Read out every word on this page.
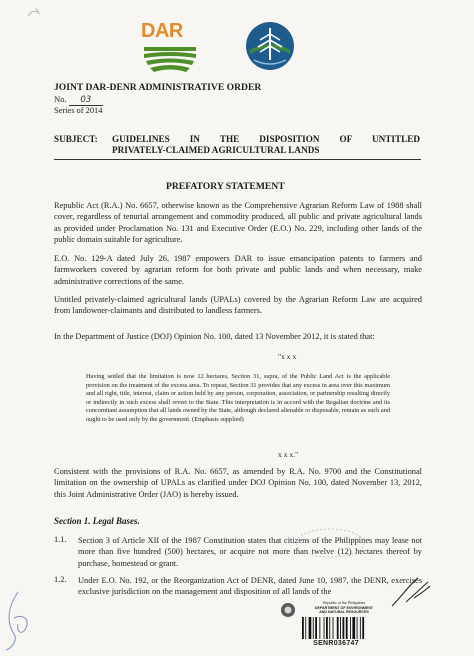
DAR
JOINT DAR-DENR ADMINISTRATIVE ORDER
No. 03
Series of 2014
SUBJECT: GUIDELINES IN THE DISPOSITION OF UNTITLED
PRIVATELY-CLAIMED AGRICULTURAL LANDS
PREFATORY STATEMENT
Republic Act (R.A.) No. 6657, otherwise known as the Comprehensive Agrarian Reform Law of 1988 shall cover, regardless of tenurial arrangement and commodity produced, all public and private agricultural lands as provided under Proclamation No. 131 and Executive Order (E.O.) No. 229, including other lands of the public domain suitable for agriculture.
E.O. No. 129-A dated July 26, 1987 empowers DAR to issue emancipation patents to farmers and farmworkers covered by agrarian reform for both private and public lands and when necessary, make administrative corrections of the same.
Untitled privately-claimed agricultural lands (UPALs) covered by the Agrarian Reform Law are acquired from landowner-claimants and distributed to landless farmers.
In the Department of Justice (DOJ) Opinion No. 100, dated 13 November 2012, it is stated that:
"x x x
Having settled that the limitation is now 12 hectares, Section 31, supra, of the Public Land Act is the applicable provision on the treatment of the excess area. To repeat, Section 31 provides that any excess in area over this maximum and all right, title, interest, claim or action held by any person, corporation, association, or partnership resulting directly or indirectly in such excess shall revert to the State. This interpretation is in accord with the Regalian doctrine and its concomitant assumption that all lands owned by the State, although declared alienable or disposable, remain as such and ought to be used only by the government. (Emphasis supplied)
x x x."
Consistent with the provisions of R.A. No. 6657, as amended by R.A. No. 9700 and the Constitutional limitation on the ownership of UPALs as clarified under DOJ Opinion No. 100, dated November 13, 2012, this Joint Administrative Order (JAO) is hereby issued.
Section 1. Legal Bases.
1.1. Section 3 of Article XII of the 1987 Constitution states that citizens of the Philippines may lease not more than five hundred (500) hectares, or acquire not more than twelve (12) hectares thereof by purchase, homestead or grant.
1.2. Under E.O. No. 192, or the Reorganization Act of DENR, dated June 10, 1987, the DENR, exercises exclusive jurisdiction on the management and disposition of all lands of the
Republic of the Philippines
DEPARTMENT OF ENVIRONMENT
AND NATURAL RESOURCES
SENR036747
